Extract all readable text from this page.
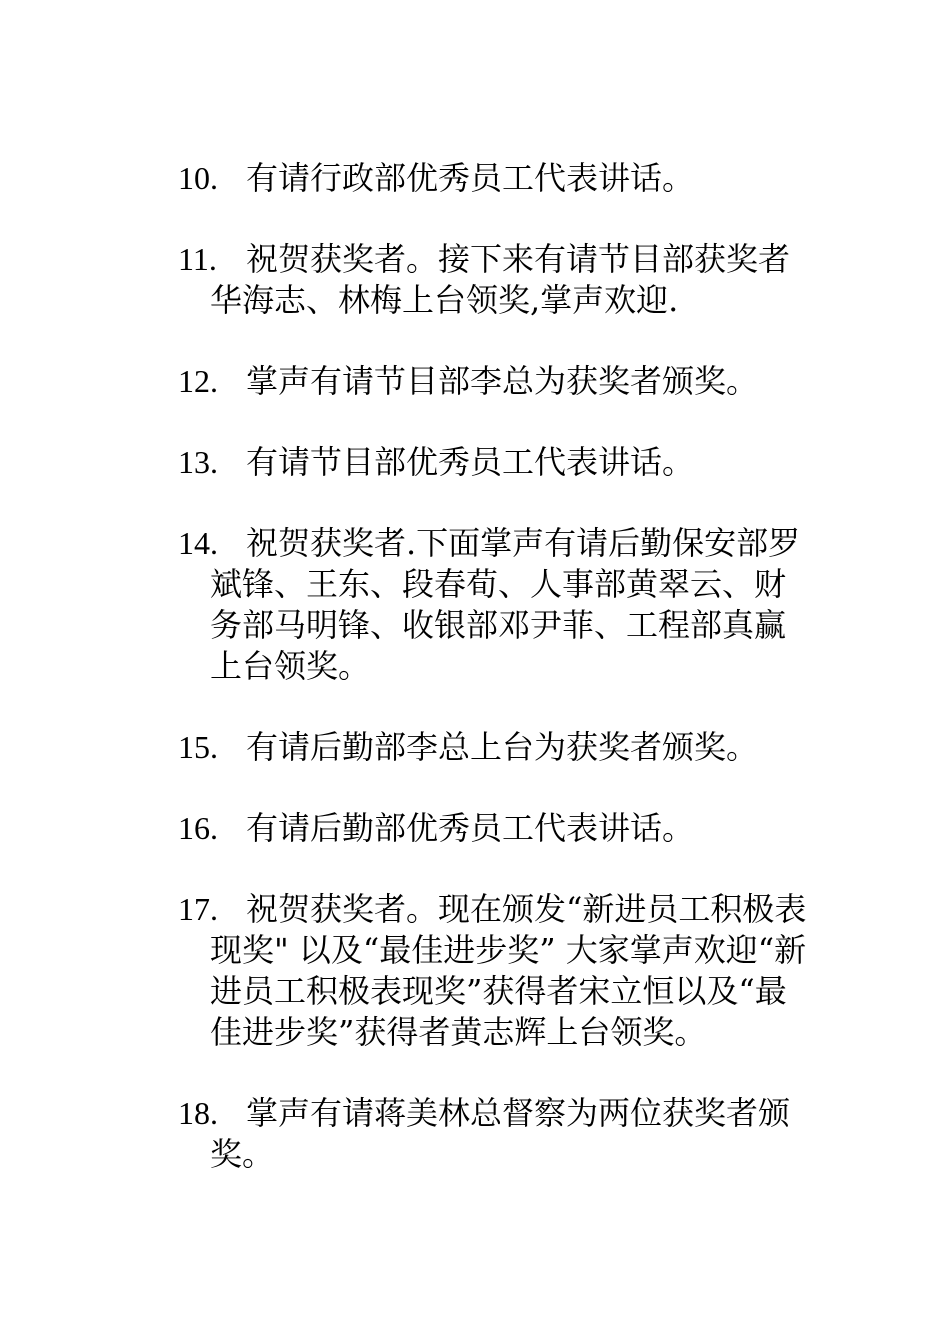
10. 有请行政部优秀员工代表讲话。
11. 祝贺获奖者。接下来有请节目部获奖者华海志、林梅上台领奖,掌声欢迎.
12. 掌声有请节目部李总为获奖者颁奖。
13. 有请节目部优秀员工代表讲话。
14. 祝贺获奖者.下面掌声有请后勤保安部罗斌锋、王东、段春荀、人事部黄翠云、财务部马明锋、收银部邓尹菲、工程部真赢上台领奖。
15. 有请后勤部李总上台为获奖者颁奖。
16. 有请后勤部优秀员工代表讲话。
17. 祝贺获奖者。现在颁发“新进员工积极表现奖" 以及“最佳进步奖” 大家掌声欢迎“新进员工积极表现奖”获得者宋立恒以及“最佳进步奖”获得者黄志辉上台领奖。
18. 掌声有请蒋美林总督察为两位获奖者颁奖。
